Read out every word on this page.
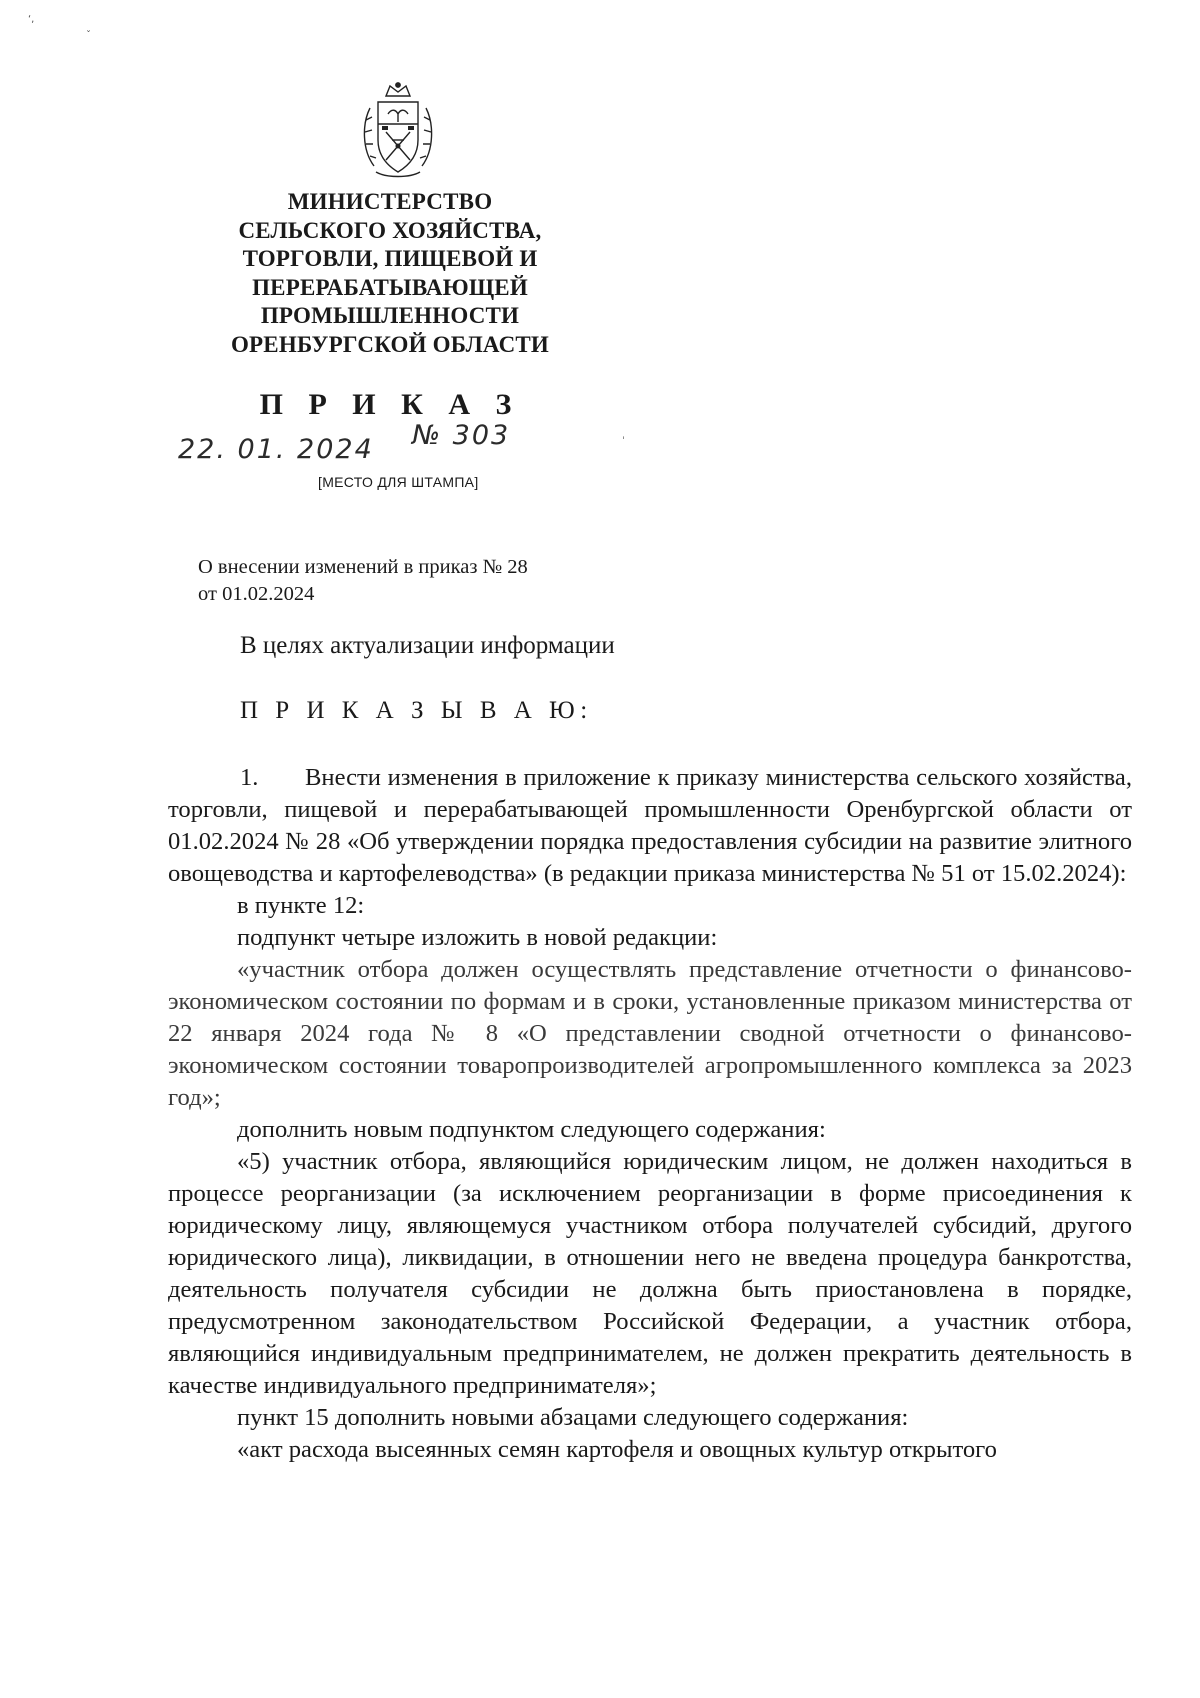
‘,
ˇ
МИНИСТЕРСТВО
СЕЛЬСКОГО ХОЗЯЙСТВА,
ТОРГОВЛИ, ПИЩЕВОЙ И
ПЕРЕРАБАТЫВАЮЩЕЙ
ПРОМЫШЛЕННОСТИ
ОРЕНБУРГСКОЙ ОБЛАСТИ
П Р И К А З
22. 01. 2024 № 303	ˈ
[МЕСТО ДЛЯ ШТАМПА]
О внесении изменений в приказ № 28
от 01.02.2024
В целях актуализации информации
П Р И К А З Ы В А Ю:

1. Внести изменения в приложение к приказу министерства сельского хозяйства, торговли, пищевой и перерабатывающей промышленности Оренбургской области от 01.02.2024 № 28 «Об утверждении порядка предоставления субсидии на развитие элитного овощеводства и картофелеводства» (в редакции приказа министерства № 51 от 15.02.2024):

в пункте 12:

подпункт четыре изложить в новой редакции:

«участник отбора должен осуществлять представление отчетности о финансово-экономическом состоянии по формам и в сроки, установленные приказом министерства от 22 января 2024 года № 8 «О представлении сводной отчетности о финансово-экономическом состоянии товаропроизводителей агропромышленного комплекса за 2023 год»;

дополнить новым подпунктом следующего содержания:

«5) участник отбора, являющийся юридическим лицом, не должен находиться в процессе реорганизации (за исключением реорганизации в форме присоединения к юридическому лицу, являющемуся участником отбора получателей субсидий, другого юридического лица), ликвидации, в отношении него не введена процедура банкротства, деятельность получателя субсидии не должна быть приостановлена в порядке, предусмотренном законодательством Российской Федерации, а участник отбора, являющийся индивидуальным предпринимателем, не должен прекратить деятельность в качестве индивидуального предпринимателя»;

пункт 15 дополнить новыми абзацами следующего содержания:

«акт расхода высеянных семян картофеля и овощных культур открытого
